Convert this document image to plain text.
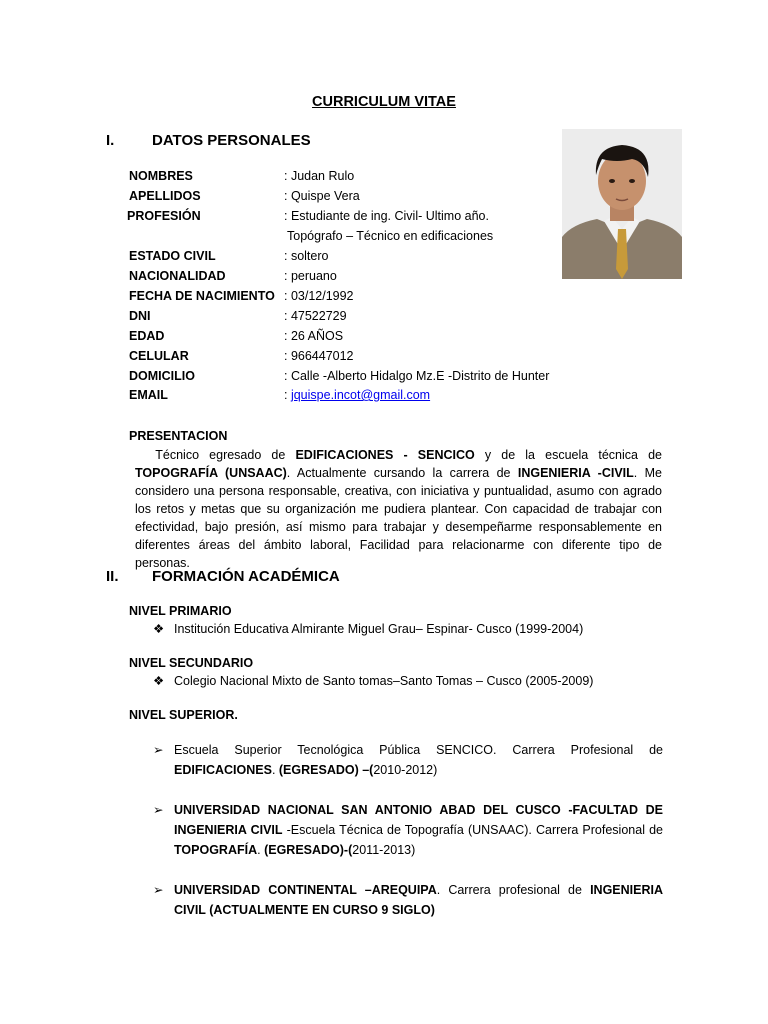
CURRICULUM VITAE
I.	DATOS PERSONALES
NOMBRES	: Judan Rulo
APELLIDOS	: Quispe Vera
PROFESIÓN	: Estudiante de ing. Civil- Ultimo año.
Topógrafo – Técnico en edificaciones
ESTADO CIVIL	: soltero
NACIONALIDAD	: peruano
FECHA DE NACIMIENTO : 03/12/1992
DNI	: 47522729
EDAD	: 26 AÑOS
CELULAR	: 966447012
DOMICILIO	: Calle -Alberto Hidalgo Mz.E -Distrito de Hunter
EMAIL	: jquispe.incot@gmail.com
PRESENTACION
Técnico egresado de EDIFICACIONES - SENCICO y de la escuela técnica de TOPOGRAFÍA (UNSAAC). Actualmente cursando la carrera de INGENIERIA -CIVIL. Me considero una persona responsable, creativa, con iniciativa y puntualidad, asumo con agrado los retos y metas que su organización me pudiera plantear. Con capacidad de trabajar con efectividad, bajo presión, así mismo para trabajar y desempeñarme responsablemente en diferentes áreas del ámbito laboral, Facilidad para relacionarme con diferente tipo de personas.
II. FORMACIÓN ACADÉMICA
NIVEL PRIMARIO
❖ Institución Educativa Almirante Miguel Grau– Espinar- Cusco (1999-2004)
NIVEL SECUNDARIO
❖ Colegio Nacional Mixto de Santo tomas–Santo Tomas – Cusco (2005-2009)
NIVEL SUPERIOR.
➢ Escuela Superior Tecnológica Pública SENCICO. Carrera Profesional de EDIFICACIONES. (EGRESADO) –(2010-2012)
➢ UNIVERSIDAD NACIONAL SAN ANTONIO ABAD DEL CUSCO -FACULTAD DE INGENIERIA CIVIL -Escuela Técnica de Topografía (UNSAAC). Carrera Profesional de TOPOGRAFÍA. (EGRESADO)-(2011-2013)
➢ UNIVERSIDAD CONTINENTAL –AREQUIPA. Carrera profesional de INGENIERIA CIVIL (ACTUALMENTE EN CURSO 9 SIGLO)
